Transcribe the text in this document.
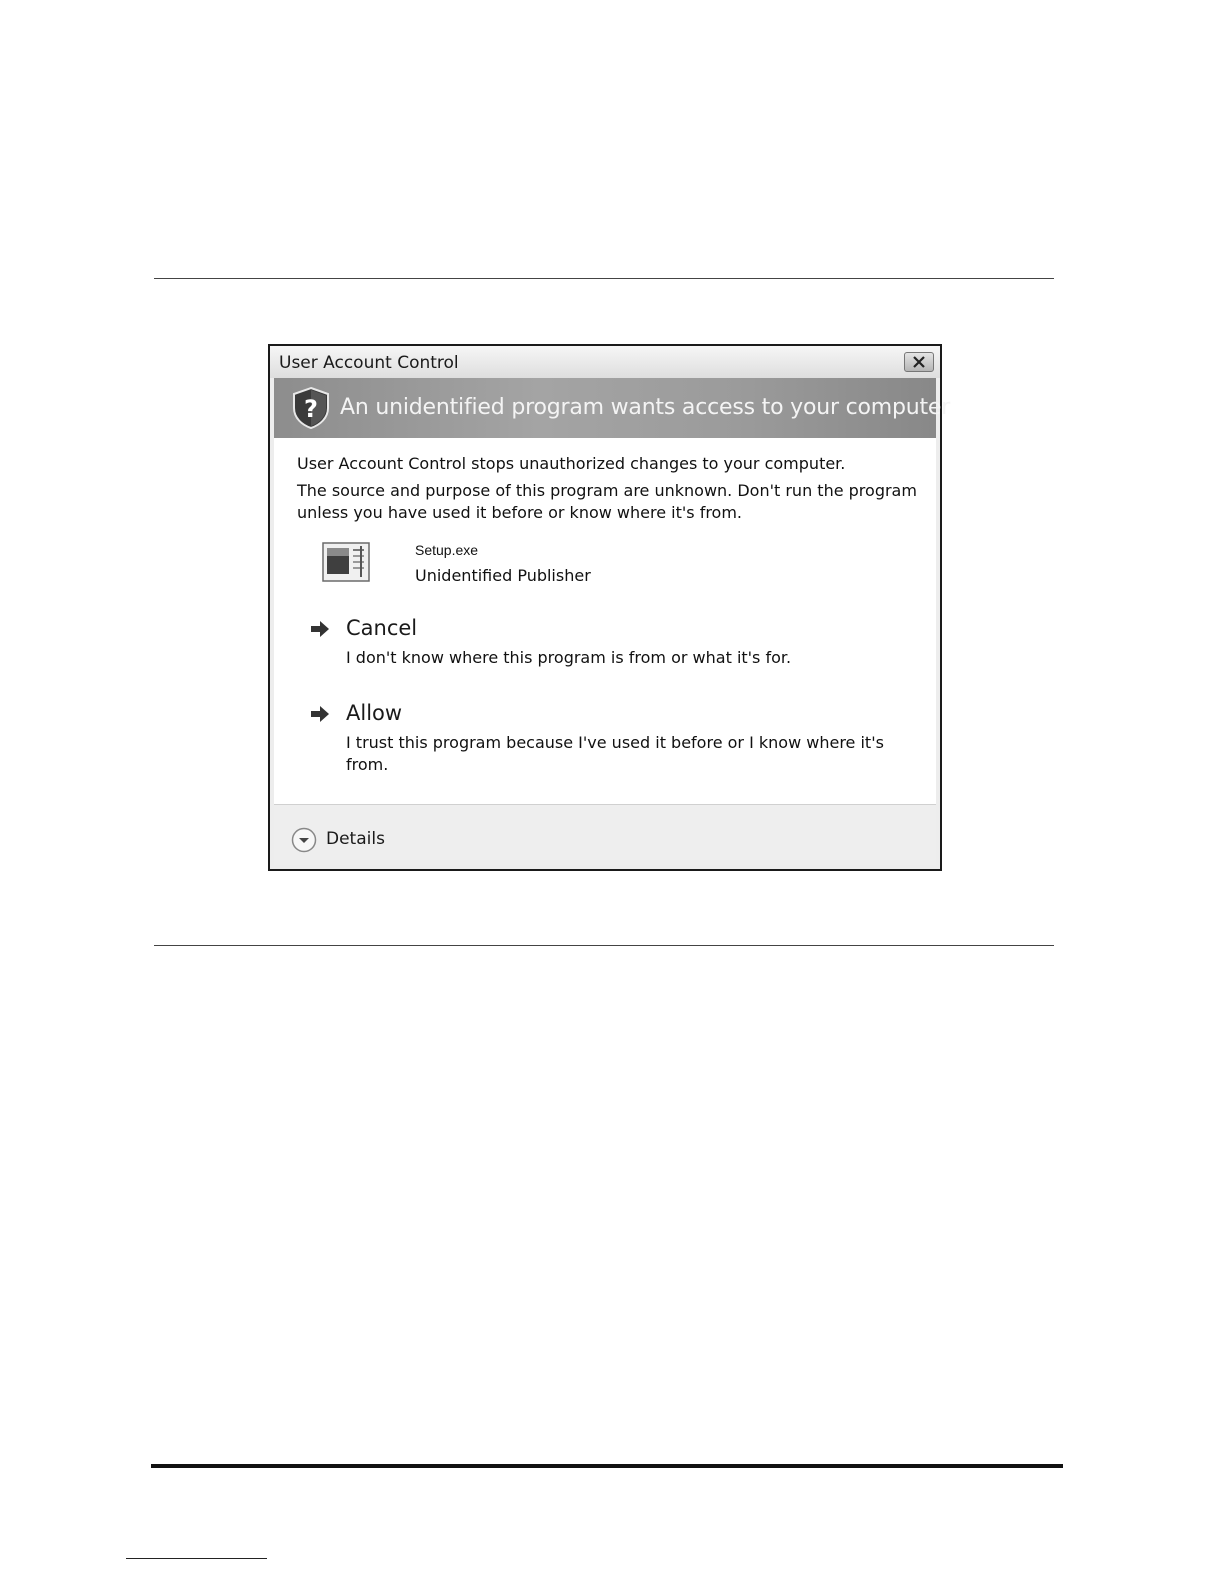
User Account Control
? An unidentified program wants access to your computer
User Account Control stops unauthorized changes to your computer.
The source and purpose of this program are unknown. Don't run the program unless you have used it before or know where it's from.
Setup.exe
Unidentified Publisher
Cancel
I don't know where this program is from or what it's for.
Allow
I trust this program because I've used it before or I know where it's from.
Details
